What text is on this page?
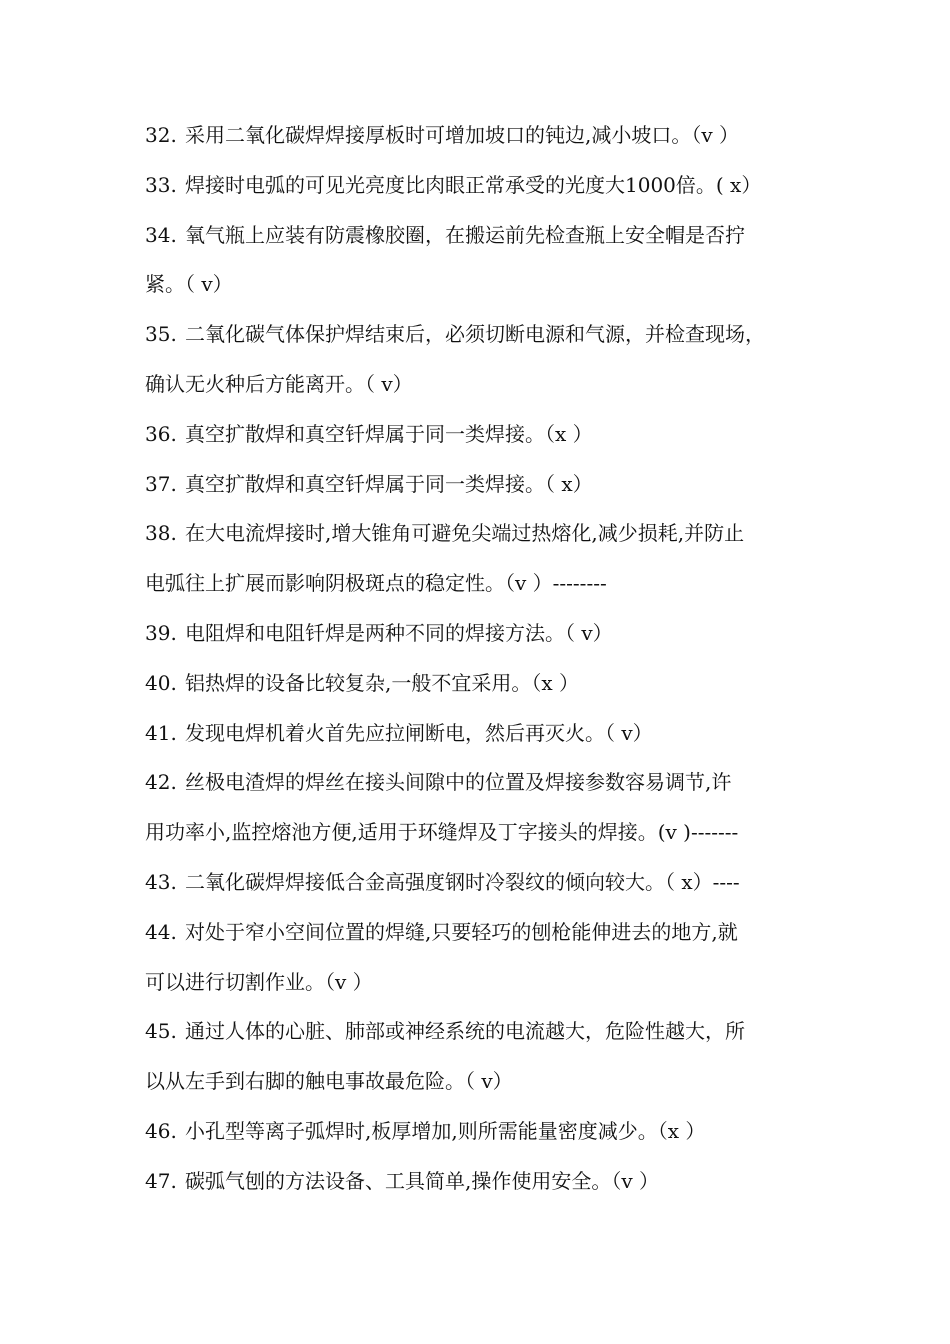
32. 采用二氧化碳焊焊接厚板时可增加坡口的钝边,减小坡口。（v ）
33. 焊接时电弧的可见光亮度比肉眼正常承受的光度大1000倍。( x）
34. 氧气瓶上应装有防震橡胶圈，在搬运前先检查瓶上安全帽是否拧
紧。（ v）
35. 二氧化碳气体保护焊结束后，必须切断电源和气源，并检查现场，
确认无火种后方能离开。（ v）
36. 真空扩散焊和真空钎焊属于同一类焊接。（x ）
37. 真空扩散焊和真空钎焊属于同一类焊接。（ x）
38. 在大电流焊接时,增大锥角可避免尖端过热熔化,减少损耗,并防止
电弧往上扩展而影响阴极斑点的稳定性。（v ）--------
39. 电阻焊和电阻钎焊是两种不同的焊接方法。（ v）
40. 铝热焊的设备比较复杂,一般不宜采用。（x ）
41. 发现电焊机着火首先应拉闸断电，然后再灭火。（ v）
42. 丝极电渣焊的焊丝在接头间隙中的位置及焊接参数容易调节,许
用功率小,监控熔池方便,适用于环缝焊及丁字接头的焊接。(v )-------
43. 二氧化碳焊焊接低合金高强度钢时冷裂纹的倾向较大。（ x）----
44. 对处于窄小空间位置的焊缝,只要轻巧的刨枪能伸进去的地方,就
可以进行切割作业。（v ）
45. 通过人体的心脏、肺部或神经系统的电流越大，危险性越大，所
以从左手到右脚的触电事故最危险。（ v）
46. 小孔型等离子弧焊时,板厚增加,则所需能量密度减少。（x ）
47. 碳弧气刨的方法设备、工具简单,操作使用安全。（v ）
